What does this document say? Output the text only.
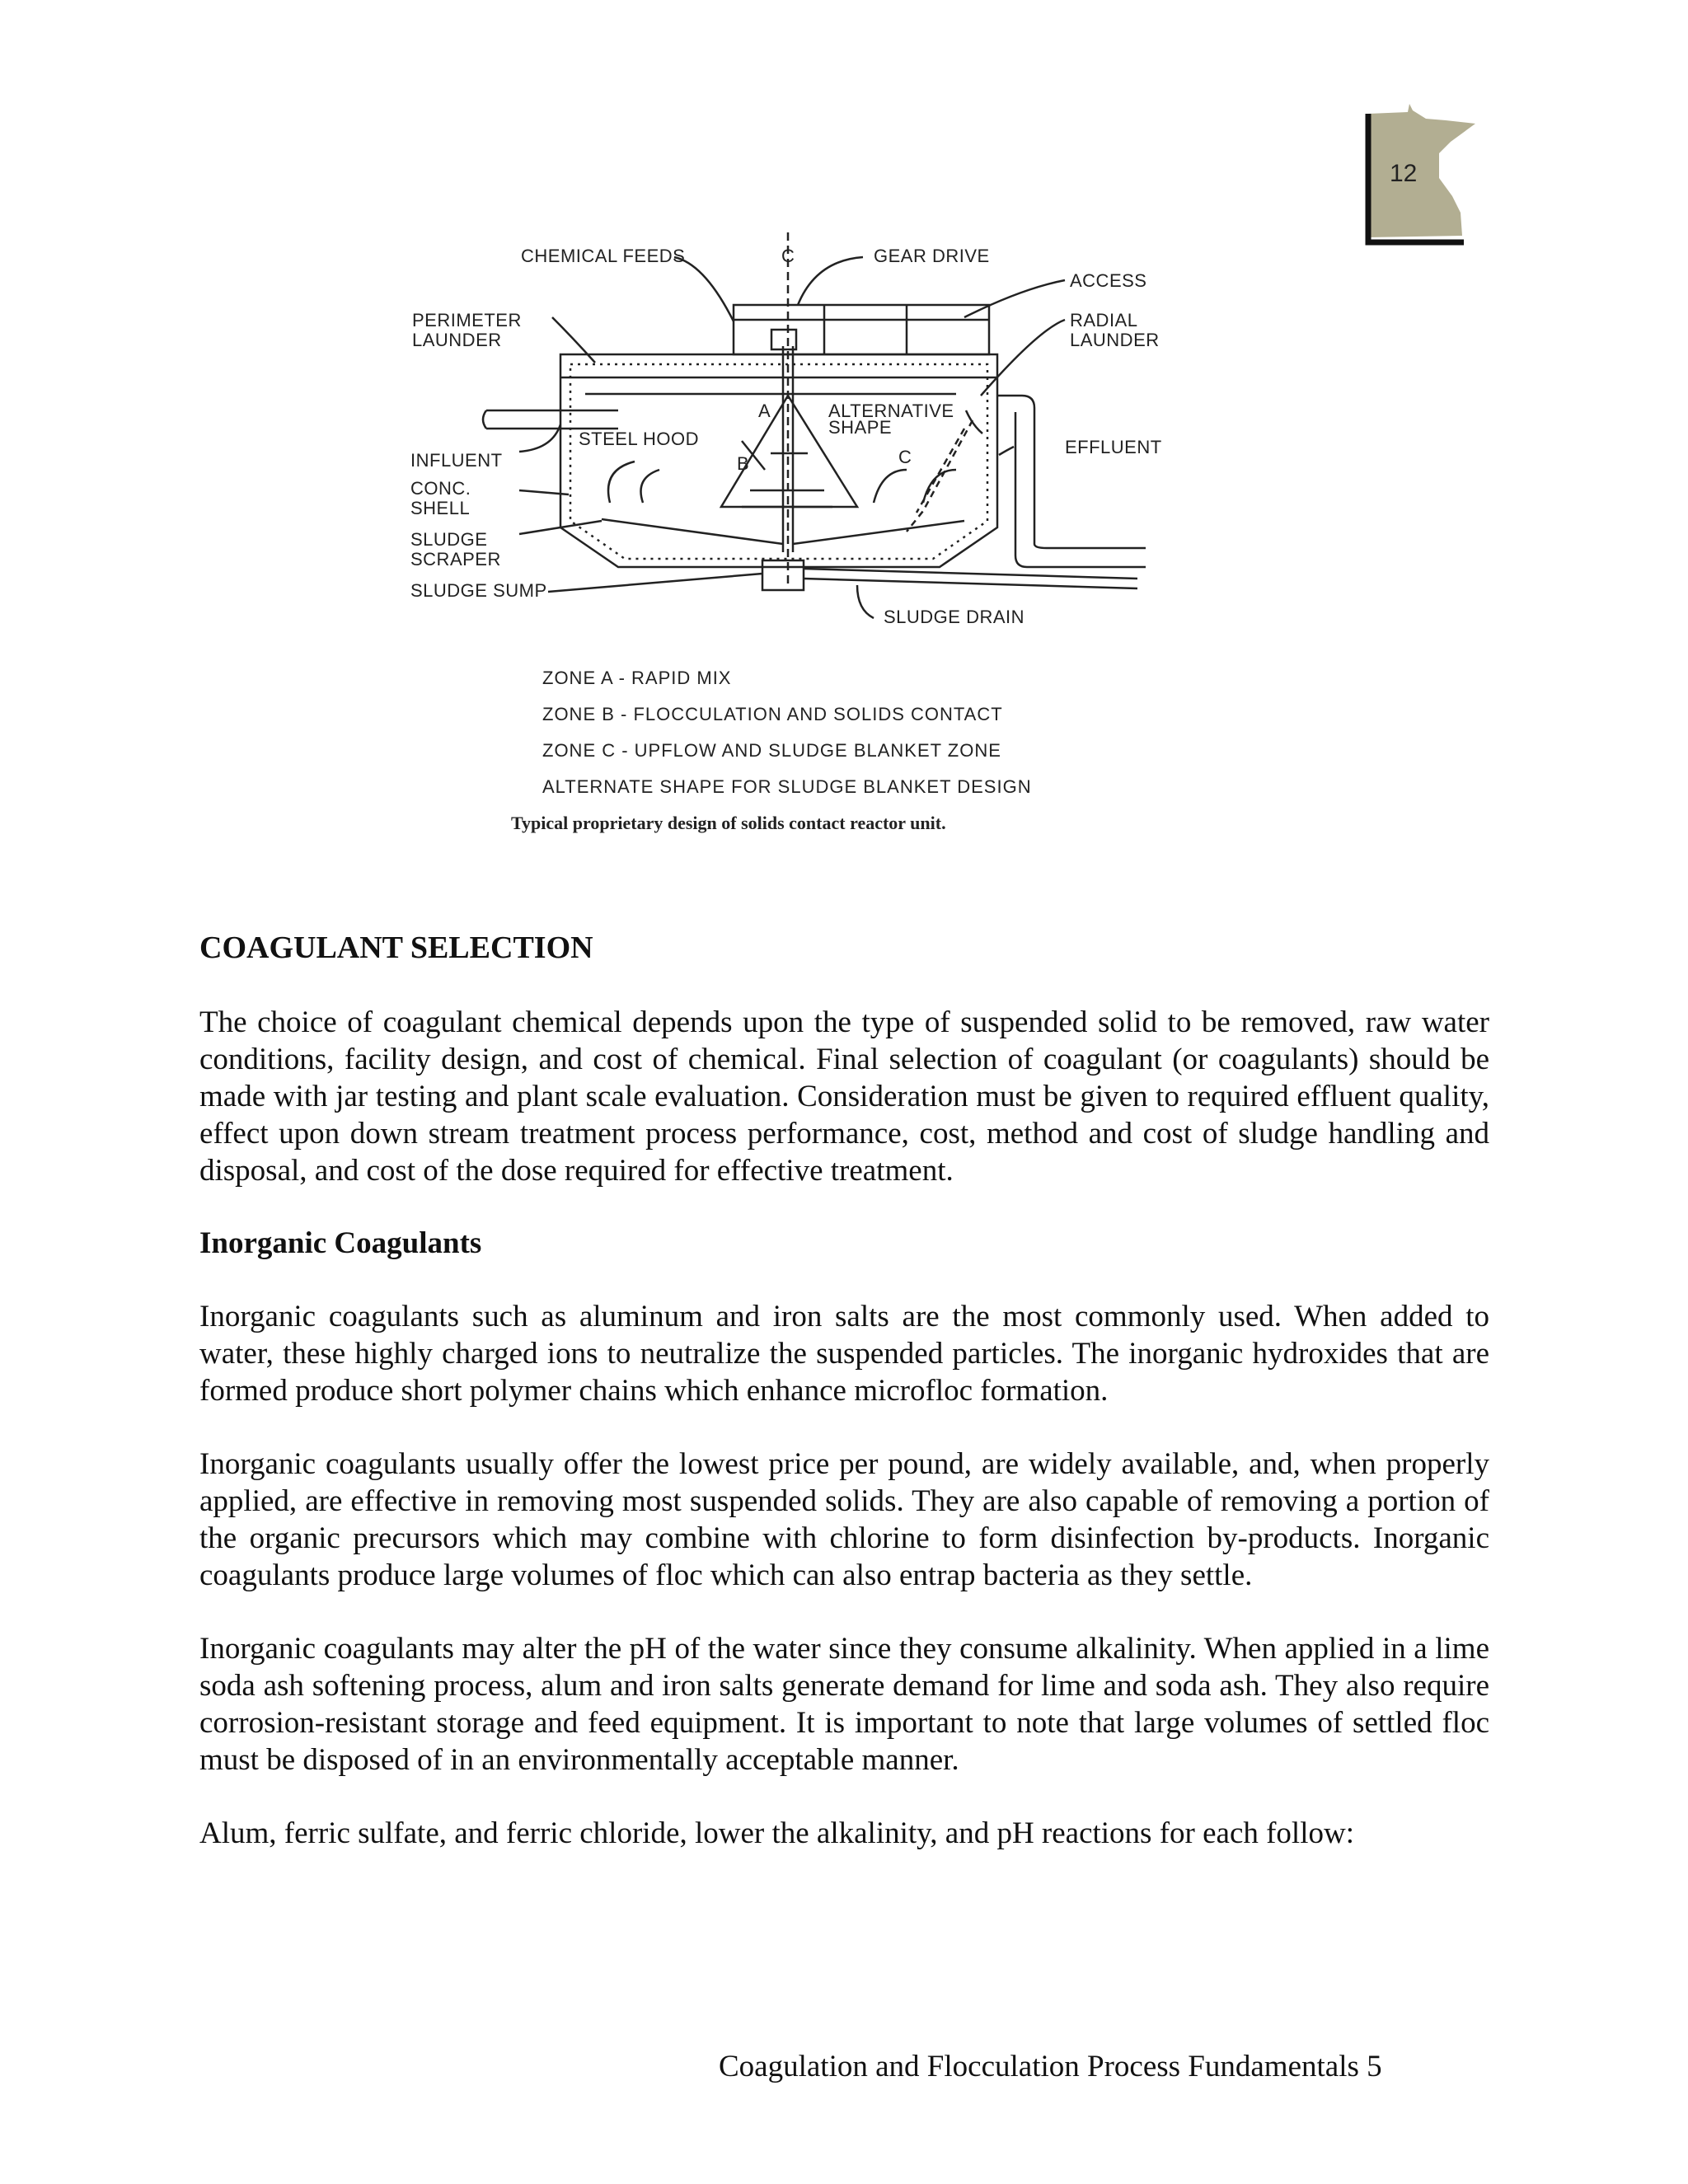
12
CHEMICAL FEEDS	C	GEAR DRIVE
ACCESS
PERIMETER
LAUNDER
RADIAL
LAUNDER
ALTERNATIVE
SHAPE
STEEL HOOD	EFFLUENT
INFLUENT
CONC.
SHELL
SLUDGE
SCRAPER
SLUDGE SUMP
SLUDGE DRAIN
A
B	C
ZONE A - RAPID MIX
ZONE B - FLOCCULATION AND SOLIDS CONTACT
ZONE C - UPFLOW AND SLUDGE BLANKET ZONE
ALTERNATE SHAPE FOR SLUDGE BLANKET DESIGN
Typical proprietary design of solids contact reactor unit.
COAGULANT SELECTION

The choice of coagulant chemical depends upon the type of suspended solid to be removed, raw water conditions, facility design, and cost of chemical. Final selection of coagulant (or coagulants) should be made with jar testing and plant scale evaluation. Consideration must be given to required effluent quality, effect upon down stream treatment process performance, cost, method and cost of sludge handling and disposal, and cost of the dose required for effective treatment.

Inorganic Coagulants

Inorganic coagulants such as aluminum and iron salts are the most commonly used. When added to water, these highly charged ions to neutralize the suspended particles. The inorganic hydroxides that are formed produce short polymer chains which enhance microfloc formation.

Inorganic coagulants usually offer the lowest price per pound, are widely available, and, when properly applied, are effective in removing most suspended solids. They are also capable of removing a portion of the organic precursors which may combine with chlorine to form disinfection by-products. Inorganic coagulants produce large volumes of floc which can also entrap bacteria as they settle.

Inorganic coagulants may alter the pH of the water since they consume alkalinity. When applied in a lime soda ash softening process, alum and iron salts generate demand for lime and soda ash. They also require corrosion-resistant storage and feed equipment. It is important to note that large volumes of settled floc must be disposed of in an environmentally acceptable manner.

Alum, ferric sulfate, and ferric chloride, lower the alkalinity, and pH reactions for each follow:

Coagulation and Flocculation Process Fundamentals 5
